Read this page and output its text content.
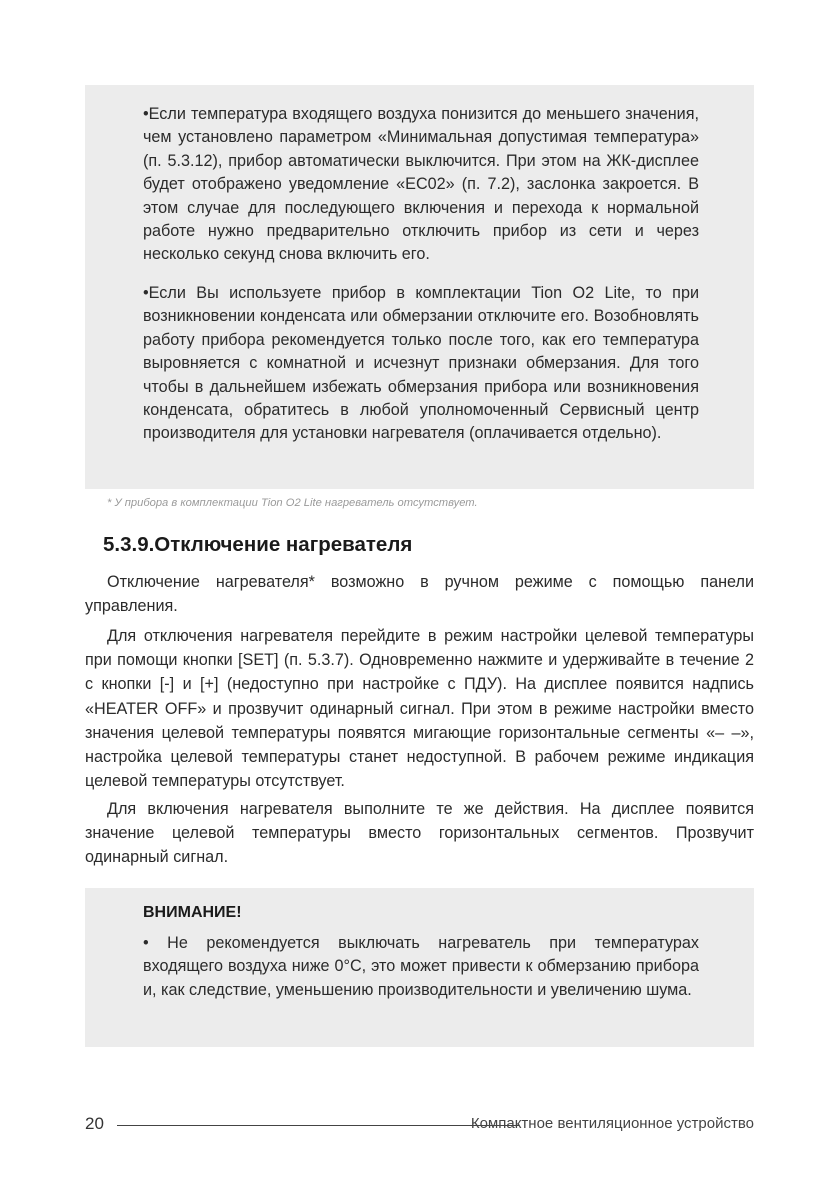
•Если температура входящего воздуха понизится до меньшего значения, чем установлено параметром «Минимальная допустимая температура» (п. 5.3.12), прибор автоматически выключится. При этом на ЖК-дисплее будет отображено уведомление «EC02» (п. 7.2), заслонка закроется. В этом случае для последующего включения и перехода к нормальной работе нужно предварительно отключить прибор из сети и через несколько секунд снова включить его.

•Если Вы используете прибор в комплектации Tion O2 Lite, то при возникновении конденсата или обмерзании отключите его. Возобновлять работу прибора рекомендуется только после того, как его температура выровняется с комнатной и исчезнут признаки обмерзания. Для того чтобы в дальнейшем избежать обмерзания прибора или возникновения конденсата, обратитесь в любой уполномоченный Сервисный центр производителя для установки нагревателя (оплачивается отдельно).

* У прибора в комплектации Tion O2 Lite нагреватель отсутствует.
5.3.9.Отключение нагревателя

Отключение нагревателя* возможно в ручном режиме с помощью панели управления.

Для отключения нагревателя перейдите в режим настройки целевой температуры при помощи кнопки [SET] (п. 5.3.7). Одновременно нажмите и удерживайте в течение 2 с кнопки [-] и [+] (недоступно при настройке с ПДУ). На дисплее появится надпись «HEATER OFF» и прозвучит одинарный сигнал. При этом в режиме настройки вместо значения целевой температуры появятся мигающие горизонтальные сегменты «– –», настройка целевой температуры станет недоступной. В рабочем режиме индикация целевой температуры отсутствует.

Для включения нагревателя выполните те же действия. На дисплее появится значение целевой температуры вместо горизонтальных сегментов. Прозвучит одинарный сигнал.

ВНИМАНИЕ!

• Не рекомендуется выключать нагреватель при температурах входящего воздуха ниже 0°С, это может привести к обмерзанию прибора и, как следствие, уменьшению производительности и увеличению шума.

20	Компактное вентиляционное устройство
